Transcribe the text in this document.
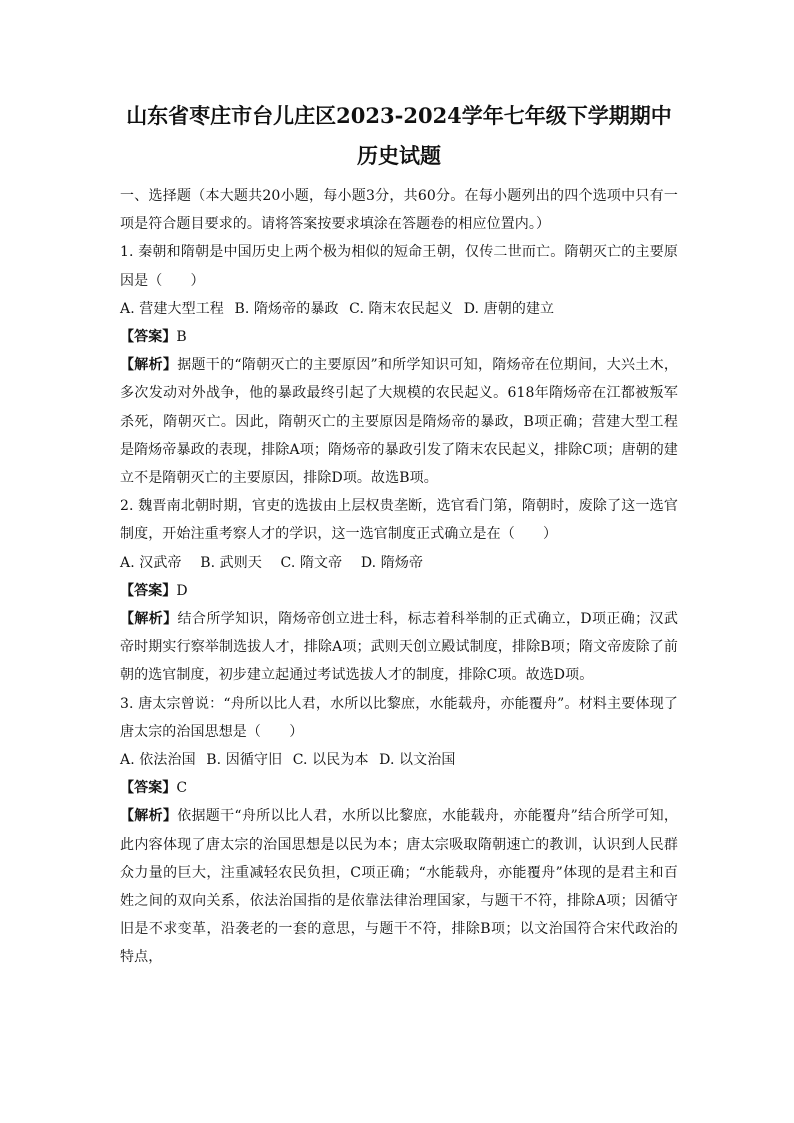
山东省枣庄市台儿庄区2023-2024学年七年级下学期期中
历史试题

一、选择题（本大题共20小题，每小题3分，共60分。在每小题列出的四个选项中只有一项是符合题目要求的。请将答案按要求填涂在答题卷的相应位置内。）

1. 秦朝和隋朝是中国历史上两个极为相似的短命王朝，仅传二世而亡。隋朝灭亡的主要原因是（　　）

A. 营建大型工程 B. 隋炀帝的暴政 C. 隋末农民起义 D. 唐朝的建立

【答案】B

【解析】据题干的“隋朝灭亡的主要原因”和所学知识可知，隋炀帝在位期间，大兴土木，多次发动对外战争，他的暴政最终引起了大规模的农民起义。618年隋炀帝在江都被叛军杀死，隋朝灭亡。因此，隋朝灭亡的主要原因是隋炀帝的暴政，B项正确；营建大型工程是隋炀帝暴政的表现，排除A项；隋炀帝的暴政引发了隋末农民起义，排除C项；唐朝的建立不是隋朝灭亡的主要原因，排除D项。故选B项。

2. 魏晋南北朝时期，官吏的选拔由上层权贵垄断，选官看门第，隋朝时，废除了这一选官制度，开始注重考察人才的学识，这一选官制度正式确立是在（　　）

A. 汉武帝 B. 武则天 C. 隋文帝 D. 隋炀帝

【答案】D

【解析】结合所学知识，隋炀帝创立进士科，标志着科举制的正式确立，D项正确；汉武帝时期实行察举制选拔人才，排除A项；武则天创立殿试制度，排除B项；隋文帝废除了前朝的选官制度，初步建立起通过考试选拔人才的制度，排除C项。故选D项。

3. 唐太宗曾说：“舟所以比人君，水所以比黎庶，水能载舟，亦能覆舟”。材料主要体现了唐太宗的治国思想是（　　）

A. 依法治国 B. 因循守旧 C. 以民为本 D. 以文治国

【答案】C

【解析】依据题干“舟所以比人君，水所以比黎庶，水能载舟，亦能覆舟”结合所学可知，此内容体现了唐太宗的治国思想是以民为本；唐太宗吸取隋朝速亡的教训，认识到人民群众力量的巨大，注重减轻农民负担，C项正确；“水能载舟，亦能覆舟”体现的是君主和百姓之间的双向关系，依法治国指的是依靠法律治理国家，与题干不符，排除A项；因循守旧是不求变革，沿袭老的一套的意思，与题干不符，排除B项；以文治国符合宋代政治的特点，
